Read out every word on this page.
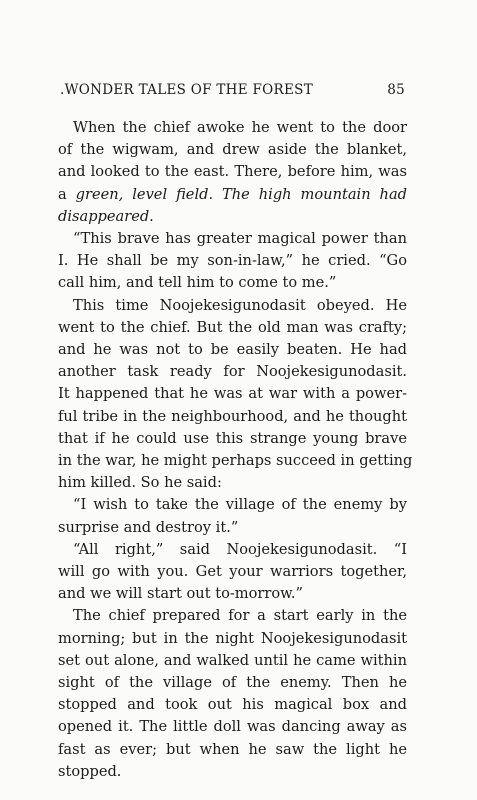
.WONDER TALES OF THE FOREST	85
When the chief awoke he went to the door
of the wigwam, and drew aside the blanket,
and looked to the east. There, before him, was
a green, level field. The high mountain had
disappeared.
“This brave has greater magical power than
I. He shall be my son-in-law,” he cried. “Go
call him, and tell him to come to me.”
This time Noojekesigunodasit obeyed. He
went to the chief. But the old man was crafty;
and he was not to be easily beaten. He had
another task ready for Noojekesigunodasit.
It happened that he was at war with a power-
ful tribe in the neighbourhood, and he thought
that if he could use this strange young brave
in the war, he might perhaps succeed in getting
him killed. So he said:
“I wish to take the village of the enemy by
surprise and destroy it.”
“All right,” said Noojekesigunodasit. “I
will go with you. Get your warriors together,
and we will start out to-morrow.”
The chief prepared for a start early in the
morning; but in the night Noojekesigunodasit
set out alone, and walked until he came within
sight of the village of the enemy. Then he
stopped and took out his magical box and
opened it. The little doll was dancing away as
fast as ever; but when he saw the light he
stopped.
